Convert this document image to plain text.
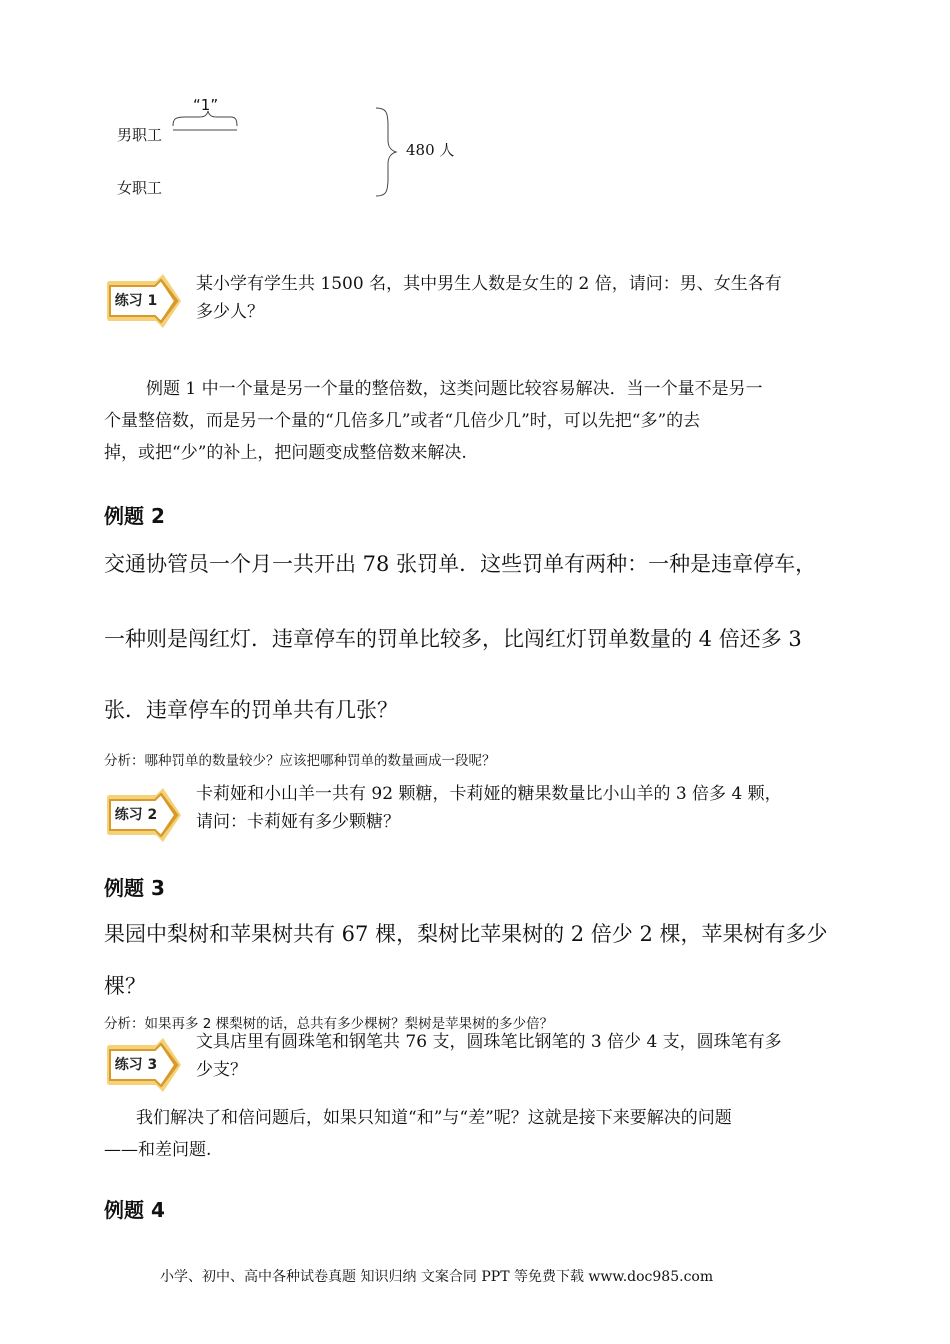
“1”
男职工
女职工
480 人
练习 1
某小学有学生共 1500 名，其中男生人数是女生的 2 倍，请问：男、女生各有
多少人？
例题 1 中一个量是另一个量的整倍数，这类问题比较容易解决．当一个量不是另一
个量整倍数，而是另一个量的“几倍多几”或者“几倍少几”时，可以先把“多”的去
掉，或把“少”的补上，把问题变成整倍数来解决.
例题 2
交通协管员一个月一共开出 78 张罚单．这些罚单有两种：一种是违章停车，
一种则是闯红灯．违章停车的罚单比较多，比闯红灯罚单数量的 4 倍还多 3
张．违章停车的罚单共有几张？
分析：哪种罚单的数量较少？应该把哪种罚单的数量画成一段呢？
练习 2
卡莉娅和小山羊一共有 92 颗糖，卡莉娅的糖果数量比小山羊的 3 倍多 4 颗，
请问：卡莉娅有多少颗糖？
例题 3
果园中梨树和苹果树共有 67 棵，梨树比苹果树的 2 倍少 2 棵，苹果树有多少
棵？
分析：如果再多 2 棵梨树的话，总共有多少棵树？梨树是苹果树的多少倍？
练习 3
文具店里有圆珠笔和钢笔共 76 支，圆珠笔比钢笔的 3 倍少 4 支，圆珠笔有多
少支？
我们解决了和倍问题后，如果只知道“和”与“差”呢？这就是接下来要解决的问题
——和差问题.
例题 4
小学、初中、高中各种试卷真题 知识归纳 文案合同 PPT 等免费下载 www.doc985.com
